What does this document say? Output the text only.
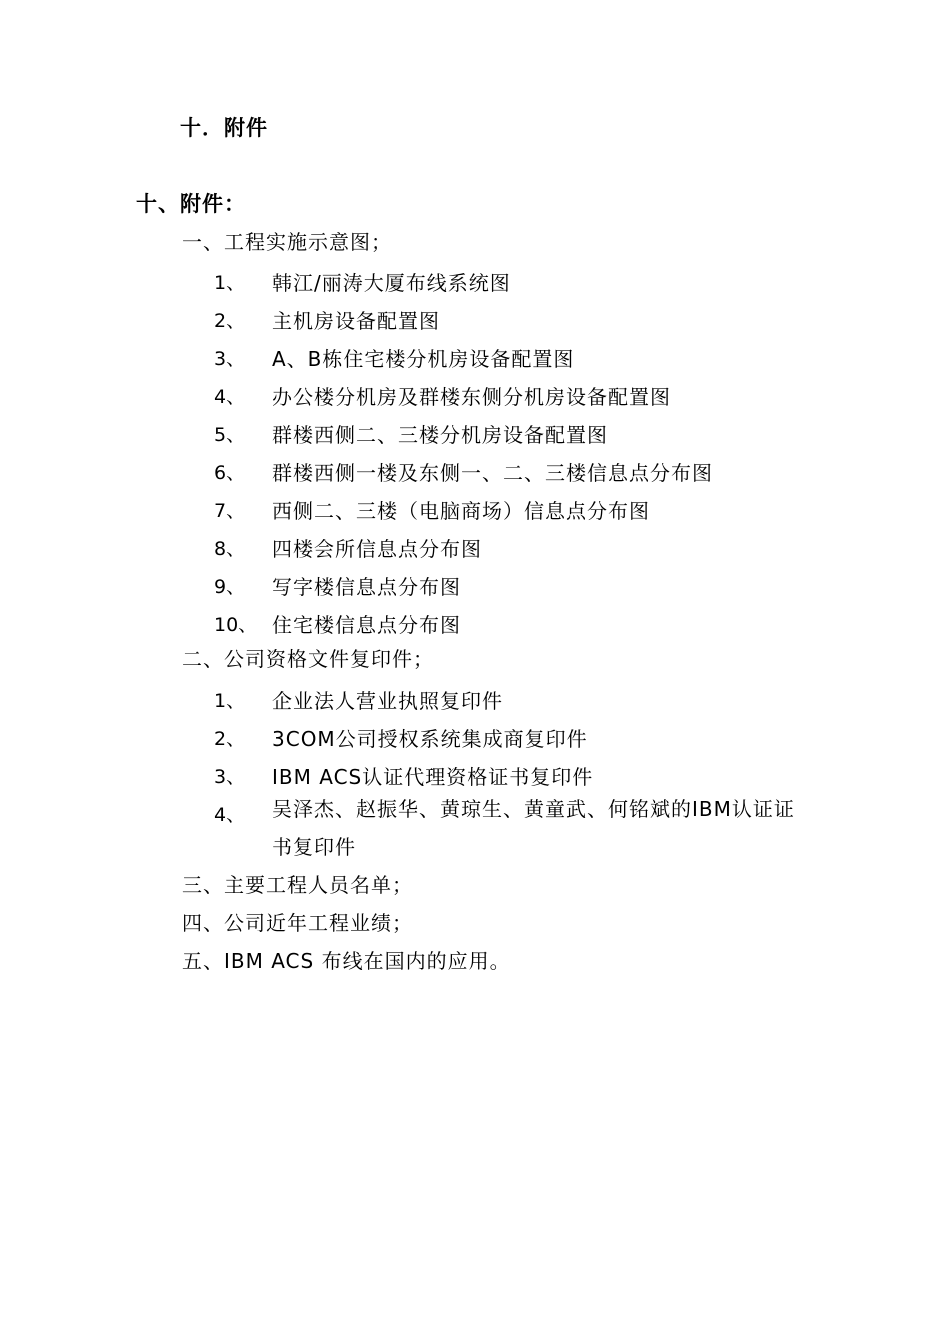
十．附件
十、附件：
一、工程实施示意图；
1、 韩江/丽涛大厦布线系统图
2、 主机房设备配置图
3、 A、B栋住宅楼分机房设备配置图
4、 办公楼分机房及群楼东侧分机房设备配置图
5、 群楼西侧二、三楼分机房设备配置图
6、 群楼西侧一楼及东侧一、二、三楼信息点分布图
7、 西侧二、三楼（电脑商场）信息点分布图
8、 四楼会所信息点分布图
9、 写字楼信息点分布图
10、 住宅楼信息点分布图
二、公司资格文件复印件；
1、 企业法人营业执照复印件
2、 3COM公司授权系统集成商复印件
3、 IBM ACS认证代理资格证书复印件
4、 吴泽杰、赵振华、黄琼生、黄童武、何铭斌的IBM认证证书复印件
三、主要工程人员名单；
四、公司近年工程业绩；
五、IBM ACS 布线在国内的应用。
